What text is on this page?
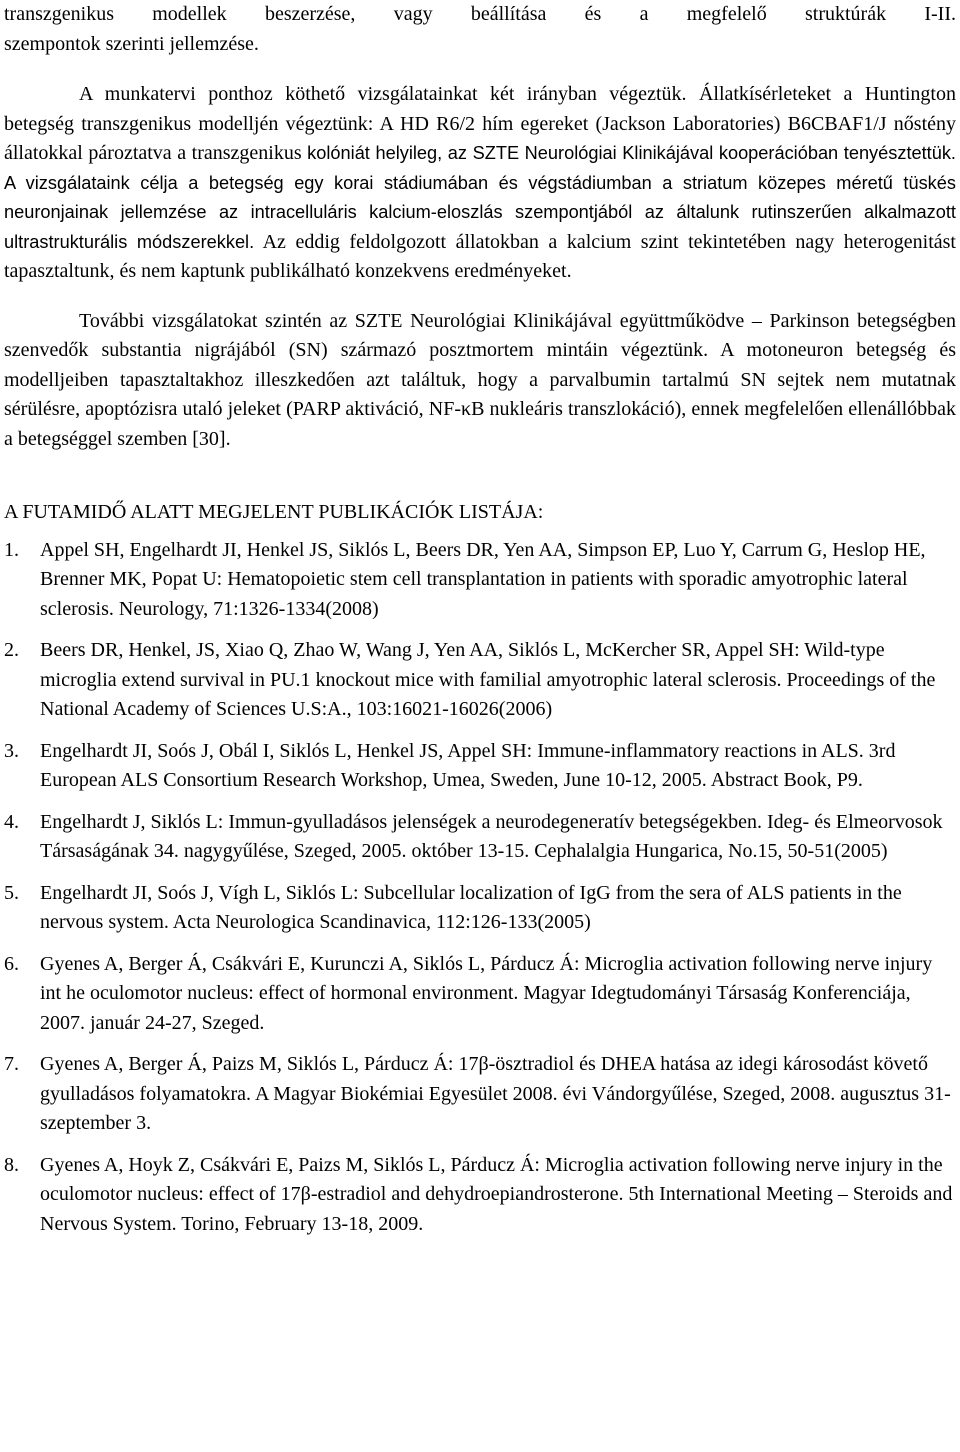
transzgenikus modellek beszerzése, vagy beállítása és a megfelelő struktúrák I-II.
szempontok szerinti jellemzése.

A munkatervi ponthoz köthető vizsgálatainkat két irányban végeztük. Állatkísérleteket a Huntington betegség transzgenikus modelljén végeztünk: A HD R6/2 hím egereket (Jackson Laboratories) B6CBAF1/J nőstény állatokkal pároztatva a transzgenikus kolóniát helyileg, az SZTE Neurológiai Klinikájával kooperációban tenyésztettük. A vizsgálataink célja a betegség egy korai stádiumában és végstádiumban a striatum közepes méretű tüskés neuronjainak jellemzése az intracelluláris kalcium-eloszlás szempontjából az általunk rutinszerűen alkalmazott ultrastrukturális módszerekkel. Az eddig feldolgozott állatokban a kalcium szint tekintetében nagy heterogenitást tapasztaltunk, és nem kaptunk publikálható konzekvens eredményeket.

További vizsgálatokat szintén az SZTE Neurológiai Klinikájával együttműködve – Parkinson betegségben szenvedők substantia nigrájából (SN) származó posztmortem mintáin végeztünk. A motoneuron betegség és modelljeiben tapasztaltakhoz illeszkedően azt találtuk, hogy a parvalbumin tartalmú SN sejtek nem mutatnak sérülésre, apoptózisra utaló jeleket (PARP aktiváció, NF-κB nukleáris transzlokáció), ennek megfelelően ellenállóbbak a betegséggel szemben [30].

A FUTAMIDŐ ALATT MEGJELENT PUBLIKÁCIÓK LISTÁJA:
1. Appel SH, Engelhardt JI, Henkel JS, Siklós L, Beers DR, Yen AA, Simpson EP, Luo Y, Carrum G, Heslop HE, Brenner MK, Popat U: Hematopoietic stem cell transplantation in patients with sporadic amyotrophic lateral sclerosis. Neurology, 71:1326-1334(2008)
2. Beers DR, Henkel, JS, Xiao Q, Zhao W, Wang J, Yen AA, Siklós L, McKercher SR, Appel SH: Wild-type microglia extend survival in PU.1 knockout mice with familial amyotrophic lateral sclerosis. Proceedings of the National Academy of Sciences U.S:A., 103:16021-16026(2006)
3. Engelhardt JI, Soós J, Obál I, Siklós L, Henkel JS, Appel SH: Immune-inflammatory reactions in ALS. 3rd European ALS Consortium Research Workshop, Umea, Sweden, June 10-12, 2005. Abstract Book, P9.
4. Engelhardt J, Siklós L: Immun-gyulladásos jelenségek a neurodegeneratív betegségekben. Ideg- és Elmeorvosok Társaságának 34. nagygyűlése, Szeged, 2005. október 13-15. Cephalalgia Hungarica, No.15, 50-51(2005)
5. Engelhardt JI, Soós J, Vígh L, Siklós L: Subcellular localization of IgG from the sera of ALS patients in the nervous system. Acta Neurologica Scandinavica, 112:126-133(2005)
6. Gyenes A, Berger Á, Csákvári E, Kurunczi A, Siklós L, Párducz Á: Microglia activation following nerve injury int he oculomotor nucleus: effect of hormonal environment. Magyar Idegtudományi Társaság Konferenciája, 2007. január 24-27, Szeged.
7. Gyenes A, Berger Á, Paizs M, Siklós L, Párducz Á: 17β-ösztradiol és DHEA hatása az idegi károsodást követő gyulladásos folyamatokra. A Magyar Biokémiai Egyesület 2008. évi Vándorgyűlése, Szeged, 2008. augusztus 31-szeptember 3.
8. Gyenes A, Hoyk Z, Csákvári E, Paizs M, Siklós L, Párducz Á: Microglia activation following nerve injury in the oculomotor nucleus: effect of 17β-estradiol and dehydroepiandrosterone. 5th International Meeting – Steroids and Nervous System. Torino, February 13-18, 2009.
